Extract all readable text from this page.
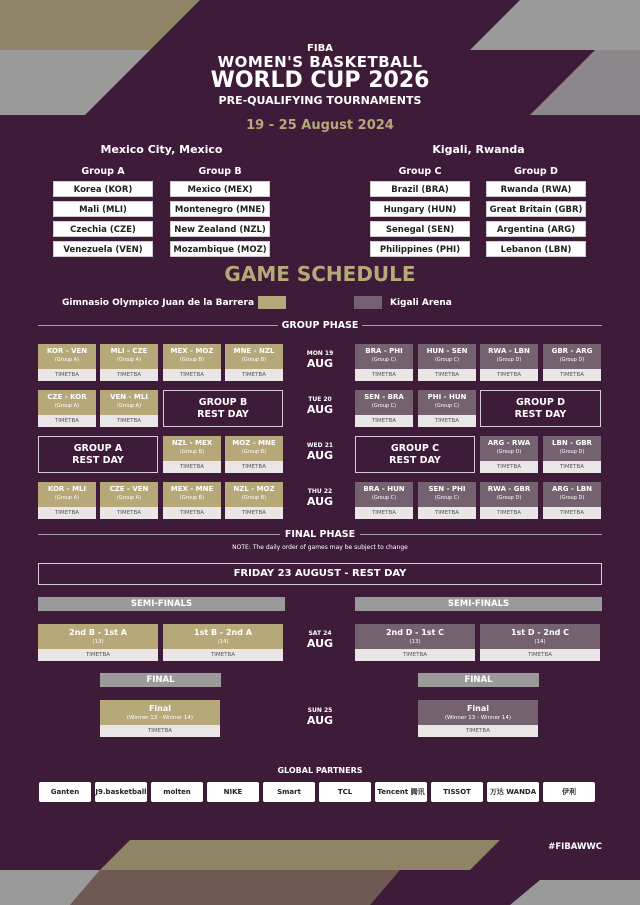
FIBA
WOMEN'S BASKETBALL
WORLD CUP 2026
PRE-QUALIFYING TOURNAMENTS
19 - 25 August 2024
Mexico City, Mexico
Group A
Korea (KOR)
Mali (MLI)
Czechia (CZE)
Venezuela (VEN)
Group B
Mexico (MEX)
Montenegro (MNE)
New Zealand (NZL)
Mozambique (MOZ)
Kigali, Rwanda
Group C
Brazil (BRA)
Hungary (HUN)
Senegal (SEN)
Philippines (PHI)
Group D
Rwanda (RWA)
Great Britain (GBR)
Argentina (ARG)
Lebanon (LBN)
GAME SCHEDULE
Gimnasio Olympico Juan de la Barrera	Kigali Arena
GROUP PHASE
MON 19
AUG
KOR - VEN
(Group A)
TIMETBA
MLI - CZE
(Group A)
TIMETBA
MEX - MOZ
(Group B)
TIMETBA
MNE - NZL
(Group B)
TIMETBA
BRA - PHI
(Group C)
TIMETBA
HUN - SEN
(Group C)
TIMETBA
RWA - LBN
(Group D)
TIMETBA
GBR - ARG
(Group D)
TIMETBA
TUE 20
AUG
CZE - KOR
(Group A)
TIMETBA
VEN - MLI
(Group A)
TIMETBA
GROUP B
REST DAY
SEN - BRA
(Group C)
TIMETBA
PHI - HUN
(Group C)
TIMETBA
GROUP D
REST DAY
WED 21
AUG
GROUP A
REST DAY
NZL - MEX
(Group B)
TIMETBA
MOZ - MNE
(Group B)
TIMETBA
GROUP C
REST DAY
ARG - RWA
(Group D)
TIMETBA
LBN - GBR
(Group D)
TIMETBA
THU 22
AUG
KOR - MLI
(Group A)
TIMETBA
CZE - VEN
(Group A)
TIMETBA
MEX - MNE
(Group B)
TIMETBA
NZL - MOZ
(Group B)
TIMETBA
BRA - HUN
(Group C)
TIMETBA
SEN - PHI
(Group C)
TIMETBA
RWA - GBR
(Group D)
TIMETBA
ARG - LBN
(Group D)
TIMETBA
FINAL PHASE
NOTE: The daily order of games may be subject to change
FRIDAY 23 AUGUST - REST DAY
SEMI-FINALS	SEMI-FINALS
SAT 24
AUG
2nd B - 1st A
(13)
TIMETBA
1st B - 2nd A
(14)
TIMETBA
2nd D - 1st C
(13)
TIMETBA
1st D - 2nd C
(14)
TIMETBA
FINAL	FINAL
SUN 25
AUG
Final
(Winner 13 - Winner 14)
TIMETBA
Final
(Winner 13 - Winner 14)
TIMETBA
GLOBAL PARTNERS
Ganten	J9.basketball	molten	NIKE	Smart	TCL	Tencent 腾讯	TISSOT	万达 WANDA	伊利
#FIBAWWC
